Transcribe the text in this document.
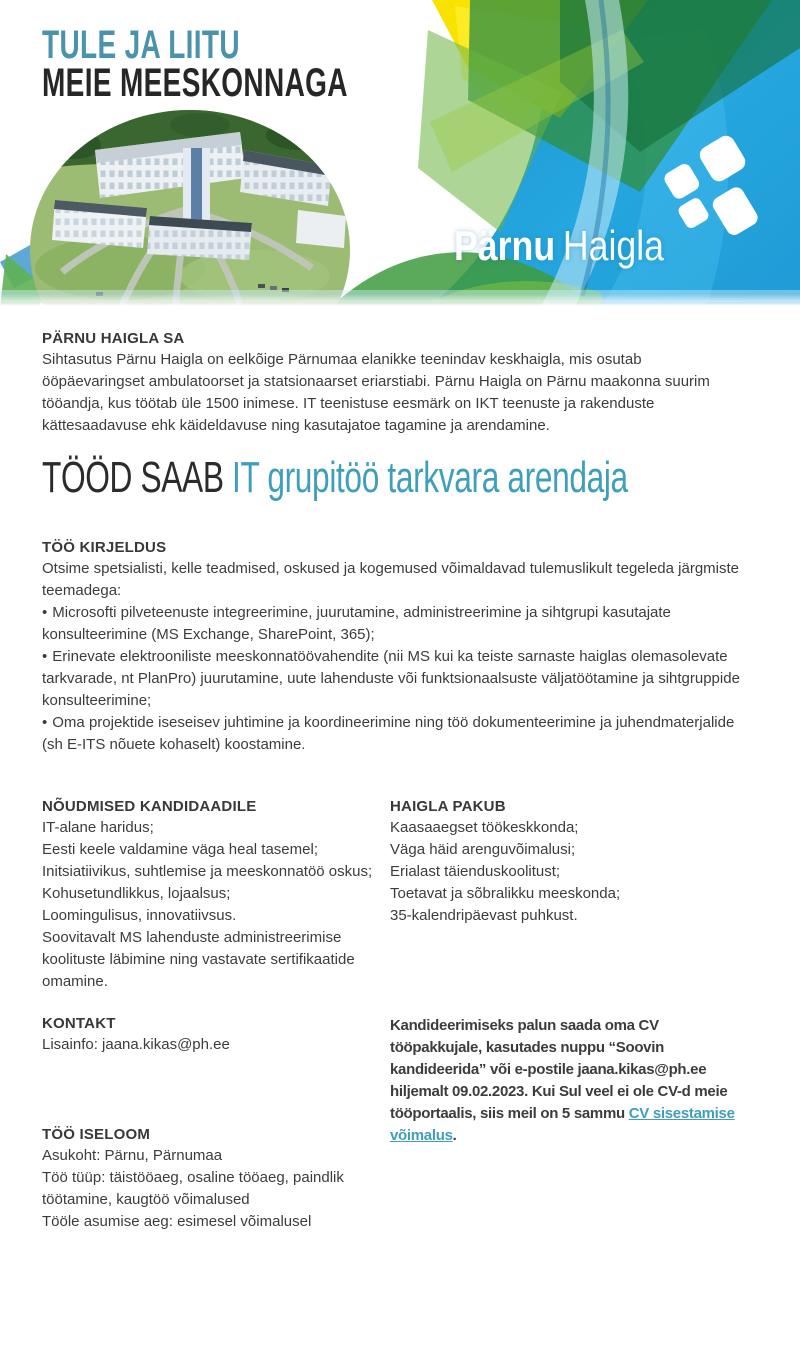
TULE JA LIITU
MEIE MEESKONNAGA
Pärnu Haigla
PÄRNU HAIGLA SA

Sihtasutus Pärnu Haigla on eelkõige Pärnumaa elanikke teenindav keskhaigla, mis osutab ööpäevaringset ambulatoorset ja statsionaarset eriarstiabi. Pärnu Haigla on Pärnu maakonna suurim tööandja, kus töötab üle 1500 inimese. IT teenistuse eesmärk on IKT teenuste ja rakenduste kättesaadavuse ehk käideldavuse ning kasutajatoe tagamine ja arendamine.

TÖÖD SAAB IT grupitöö tarkvara arendaja
TÖÖ KIRJELDUS

Otsime spetsialisti, kelle teadmised, oskused ja kogemused võimaldavad tulemuslikult tegeleda järgmiste teemadega:

• Microsofti pilveteenuste integreerimine, juurutamine, administreerimine ja sihtgrupi kasutajate konsulteerimine (MS Exchange, SharePoint, 365);

• Erinevate elektrooniliste meeskonnatöövahendite (nii MS kui ka teiste sarnaste haiglas olemasolevate tarkvarade, nt PlanPro) juurutamine, uute lahenduste või funktsionaalsuste väljatöötamine ja sihtgruppide konsulteerimine;

• Oma projektide iseseisev juhtimine ja koordineerimine ning töö dokumenteerimine ja juhendmaterjalide (sh E-ITS nõuete kohaselt) koostamine.

NÕUDMISED KANDIDAADILE

IT-alane haridus;

Eesti keele valdamine väga heal tasemel;

Initsiatiivikus, suhtlemise ja meeskonnatöö oskus;

Kohusetundlikkus, lojaalsus;

Loomingulisus, innovatiivsus.

Soovitavalt MS lahenduste administreerimise koolituste läbimine ning vastavate sertifikaatide omamine.

HAIGLA PAKUB

Kaasaaegset töökeskkonda;

Väga häid arenguvõimalusi;

Erialast täienduskoolitust;

Toetavat ja sõbralikku meeskonda;

35-kalendripäevast puhkust.

KONTAKT

Lisainfo: jaana.kikas@ph.ee

TÖÖ ISELOOM

Asukoht: Pärnu, Pärnumaa

Töö tüüp: täistööaeg, osaline tööaeg, paindlik töötamine, kaugtöö võimalused

Tööle asumise aeg: esimesel võimalusel

Kandideerimiseks palun saada oma CV tööpakkujale, kasutades nuppu “Soovin kandideerida” või e-postile jaana.kikas@ph.ee hiljemalt 09.02.2023. Kui Sul veel ei ole CV-d meie tööportaalis, siis meil on 5 sammu CV sisestamise võimalus.
